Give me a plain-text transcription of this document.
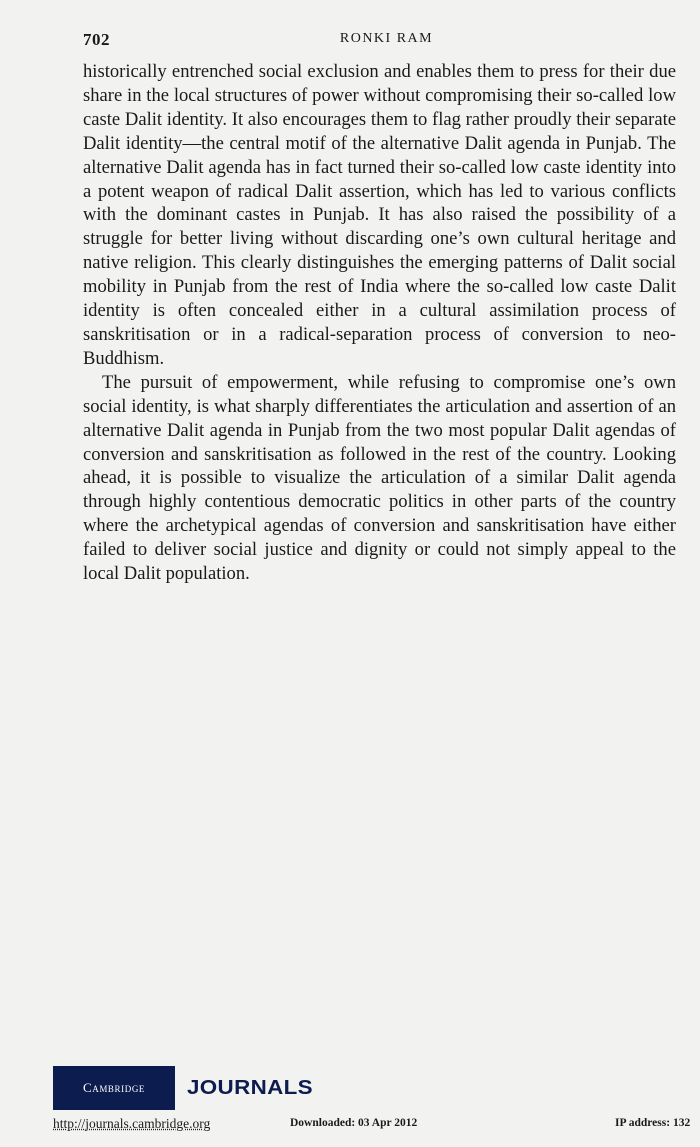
702	RONKI RAM

historically entrenched social exclusion and enables them to press for their due share in the local structures of power without compromising their so-called low caste Dalit identity. It also encourages them to flag rather proudly their separate Dalit identity—the central motif of the alternative Dalit agenda in Punjab. The alternative Dalit agenda has in fact turned their so-called low caste identity into a potent weapon of radical Dalit assertion, which has led to various conflicts with the dominant castes in Punjab. It has also raised the possibility of a struggle for better living without discarding one’s own cultural heritage and native religion. This clearly distinguishes the emerging patterns of Dalit social mobility in Punjab from the rest of India where the so-called low caste Dalit identity is often concealed either in a cultural assimilation process of sanskritisation or in a radical-separation process of conversion to neo-Buddhism.

The pursuit of empowerment, while refusing to compromise one’s own social identity, is what sharply differentiates the articulation and assertion of an alternative Dalit agenda in Punjab from the two most popular Dalit agendas of conversion and sanskritisation as followed in the rest of the country. Looking ahead, it is possible to visualize the articulation of a similar Dalit agenda through highly contentious democratic politics in other parts of the country where the archetypical agendas of conversion and sanskritisation have either failed to deliver social justice and dignity or could not simply appeal to the local Dalit population.

Cambridge JOURNALS
http://journals.cambridge.org	Downloaded: 03 Apr 2012	IP address: 132
